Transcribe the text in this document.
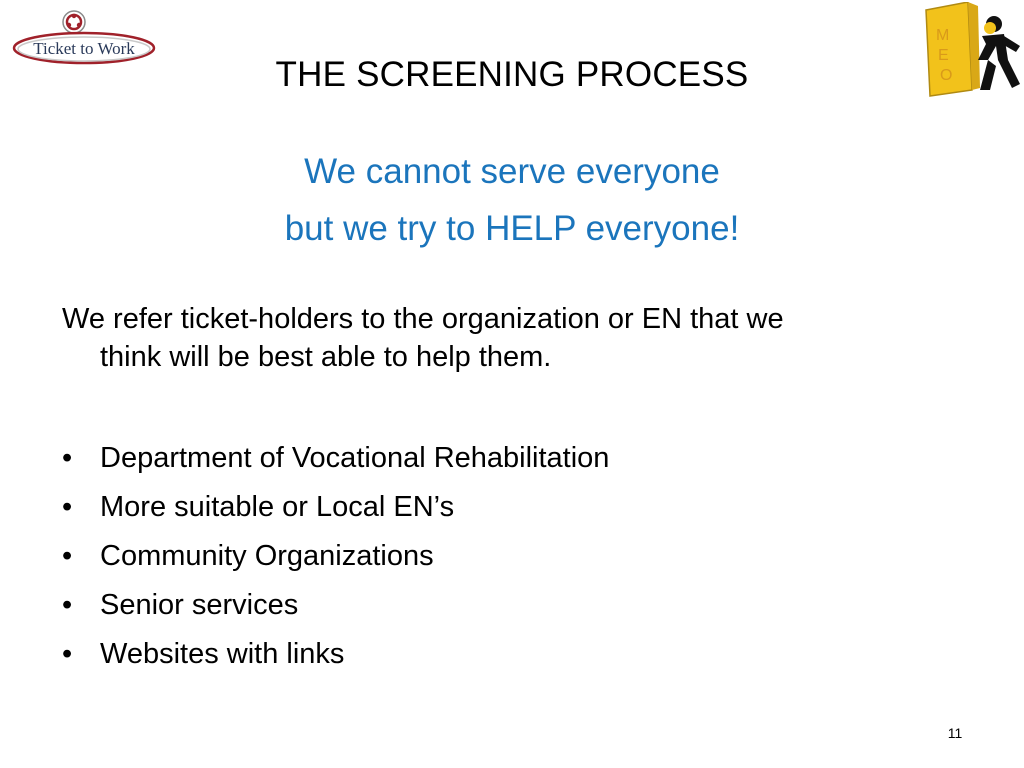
Ticket to Work
M
E
O
THE SCREENING PROCESS
We cannot serve everyone
but we try to HELP everyone!
We refer ticket-holders to the organization or EN that we
think will be best able to help them.
• Department of Vocational Rehabilitation
• More suitable or Local EN’s
• Community Organizations
• Senior services
• Websites with links
11
